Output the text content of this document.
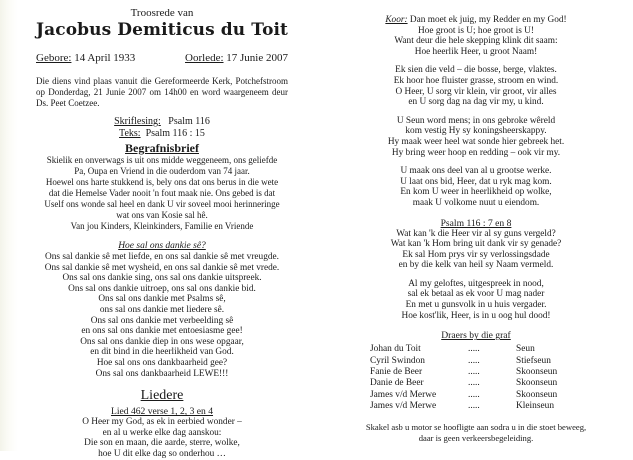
Troosrede van
Jacobus Demiticus du Toit
Gebore: 14 April 1933	Oorlede: 17 Junie 2007
Die diens vind plaas vanuit die Gereformeerde Kerk, Potchefstroom op Donderdag, 21 Junie 2007 om 14h00 en word waargeneem deur Ds. Peet Coetzee.
Skriflesing: Psalm 116
Teks: Psalm 116 : 15
Begrafnisbrief
Skielik en onverwags is uit ons midde weggeneem, ons geliefde
Pa, Oupa en Vriend in die ouderdom van 74 jaar.
Hoewel ons harte stukkend is, bely ons dat ons berus in die wete
dat die Hemelse Vader nooit 'n fout maak nie. Ons gebed is dat
Uself ons wonde sal heel en dank U vir soveel mooi herinneringe
wat ons van Kosie sal hê.
Van jou Kinders, Kleinkinders, Familie en Vriende
Hoe sal ons dankie sê?
Ons sal dankie sê met liefde, en ons sal dankie sê met vreugde.
Ons sal dankie sê met wysheid, en ons sal dankie sê met vrede.
Ons sal ons dankie sing, ons sal ons dankie uitspreek.
Ons sal ons dankie uitroep, ons sal ons dankie bid.
Ons sal ons dankie met Psalms sê,
ons sal ons dankie met liedere sê.
Ons sal ons dankie met verbeelding sê
en ons sal ons dankie met entoesiasme gee!
Ons sal ons dankie diep in ons wese opgaar,
en dit bind in die heerlikheid van God.
Hoe sal ons ons dankbaarheid gee?
Ons sal ons dankbaarheid LEWE!!!
Liedere
Lied 462 verse 1, 2, 3 en 4
O Heer my God, as ek in eerbied wonder –
en al u werke elke dag aanskou:
Die son en maan, die aarde, sterre, wolke,
hoe U dit elke dag so onderhou …
Koor: Dan moet ek juig, my Redder en my God!
Hoe groot is U; hoe groot is U!
Want deur die hele skepping klink dit saam:
Hoe heerlik Heer, u groot Naam!
Ek sien die veld – die bosse, berge, vlaktes.
Ek hoor hoe fluister grasse, stroom en wind.
O Heer, U sorg vir klein, vir groot, vir alles
en U sorg dag na dag vir my, u kind.
U Seun word mens; in ons gebroke wêreld
kom vestig Hy sy koningsheerskappy.
Hy maak weer heel wat sonde hier gebreek het.
Hy bring weer hoop en redding – ook vir my.
U maak ons deel van al u grootse werke.
U laat ons bid, Heer, dat u ryk mag kom.
En kom U weer in heerlikheid op wolke,
maak U volkome nuut u eiendom.
Psalm 116 : 7 en 8
Wat kan 'k die Heer vir al sy guns vergeld?
Wat kan 'k Hom bring uit dank vir sy genade?
Ek sal Hom prys vir sy verlossingsdade
en by die kelk van heil sy Naam vermeld.
Al my geloftes, uitgespreek in nood,
sal ek betaal as ek voor U mag nader
En met u gunsvolk in u huis vergader.
Hoe kost'lik, Heer, is in u oog hul dood!
Draers by die graf
Johan du Toit	.....	Seun
Cyril Swindon	.....	Stiefseun
Fanie de Beer	.....	Skoonseun
Danie de Beer	.....	Skoonseun
James v/d Merwe	.....	Skoonseun
James v/d Merwe	.....	Kleinseun
Skakel asb u motor se hoofligte aan sodra u in die stoet beweeg,
daar is geen verkeersbegeleiding.
